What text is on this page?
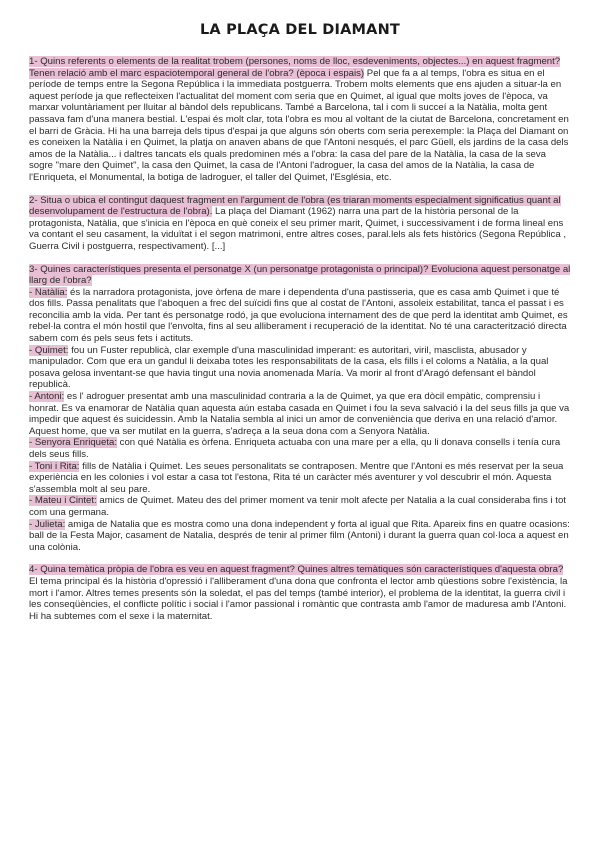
LA PLAÇA DEL DIAMANT
1- Quins referents o elements de la realitat trobem (persones, noms de lloc, esdeveniments, objectes...) en aquest fragment? Tenen relació amb el marc espaciotemporal general de l'obra? (època i espais) Pel que fa a al temps, l'obra es situa en el període de temps entre la Segona República i la immediata postguerra. Trobem molts elements que ens ajuden a situar-la en aquest període ja que reflecteixen l'actualitat del moment com seria que en Quimet, al igual que molts joves de l'època, va marxar voluntàriament per lluitar al bàndol dels republicans. També a Barcelona, tal i com li succeí a la Natàlia, molta gent passava fam d'una manera bestial. L'espai és molt clar, tota l'obra es mou al voltant de la ciutat de Barcelona, concretament en el barri de Gràcia. Hi ha una barreja dels tipus d'espai ja que alguns són oberts com seria perexemple: la Plaça del Diamant on es coneixen la Natàlia i en Quimet, la platja on anaven abans de que l'Antoni nesqués, el parc Güell, els jardins de la casa dels amos de la Natàlia... i daltres tancats els quals predominen més a l'obra: la casa del pare de la Natàlia, la casa de la seva sogre "mare den Quimet", la casa den Quimet, la casa de l'Antoni l'adroguer, la casa del amos de la Natàlia, la casa de l'Enriqueta, el Monumental, la botiga de ladroguer, el taller del Quimet, l'Església, etc.
2- Situa o ubica el contingut daquest fragment en l'argument de l'obra (es triaran moments especialment significatius quant al desenvolupament de l'estructura de l'obra). La plaça del Diamant (1962) narra una part de la història personal de la protagonista, Natàlia, que s'inicia en l'època en què coneix el seu primer marit, Quimet, i successivament i de forma lineal ens va contant el seu casament, la viduïtat i el segon matrimoni, entre altres coses, paral.lels als fets històrics (Segona República , Guerra Civil i postguerra, respectivament). [...]
3- Quines característiques presenta el personatge X (un personatge protagonista o principal)? Evoluciona aquest personatge al llarg de l'obra?
- Natàlia: és la narradora protagonista, jove òrfena de mare i dependenta d'una pastisseria, que es casa amb Quimet i que té dos fills. Passa penalitats que l'aboquen a frec del suïcidi fins que al costat de l'Antoni, assoleix estabilitat, tanca el passat i es reconcilia amb la vida. Per tant és personatge rodó, ja que evoluciona internament des de que perd la identitat amb Quimet, es rebel·la contra el món hostil que l'envolta, fins al seu alliberament i recuperació de la identitat. No té una caracterització directa sabem com és pels seus fets i actituts.
- Quimet: fou un Fuster republicà, clar exemple d'una masculinidad imperant: es autoritari, viril, masclista, abusador y manipulador. Com que era un gandul li deixaba totes les responsabilitats de la casa, els fills i el coloms a Natàlia, a la qual posava gelosa inventant-se que havia tingut una novia anomenada María. Va morir al front d'Aragó defensant el bàndol republicà.
- Antoni: es l' adroguer presentat amb una masculinidad contraria a la de Quimet, ya que era dòcil empàtic, comprensiu i honrat. Es va enamorar de Natàlia quan aquesta aún estaba casada en Quimet i fou la seva salvació i la del seus fills ja que va impedir que aquest és suicidessin. Amb la Natalia sembla al inici un amor de conveniència que deriva en una relació d'amor. Aquest home, que va ser mutilat en la guerra, s'adreça a la seua dona com a Senyora Natàlia.
- Senyora Enriqueta: con qué Natàlia es òrfena. Enriqueta actuaba con una mare per a ella, qu li donava consells i tenía cura dels seus fills.
- Toni i Rita: fills de Natàlia i Quimet. Les seues personalitats se contraposen. Mentre que l'Antoni es més reservat per la seua experiència en les colonies i vol estar a casa tot l'estona, Rita té un caràcter més aventurer y vol descubrir el món. Aquesta s'assembla molt al seu pare.
- Mateu i Cintet: amics de Quimet. Mateu des del primer moment va tenir molt afecte per Natalia a la cual consideraba fins i tot com una germana.
- Julieta: amiga de Natalia que es mostra como una dona independent y forta al igual que Rita. Apareix fins en quatre ocasions: ball de la Festa Major, casament de Natalia, després de tenir al primer film (Antoni) i durant la guerra quan col·loca a aquest en una colònia.
4- Quina temàtica pròpia de l'obra es veu en aquest fragment? Quines altres temàtiques són característiques d'aquesta obra? El tema principal és la història d'opressió i l'alliberament d'una dona que confronta el lector amb qüestions sobre l'existència, la mort i l'amor. Altres temes presents són la soledat, el pas del temps (també interior), el problema de la identitat, la guerra civil i les conseqüències, el conflicte polític i social i l'amor passional i romàntic que contrasta amb l'amor de maduresa amb l'Antoni. Hi ha subtemes com el sexe i la maternitat.
